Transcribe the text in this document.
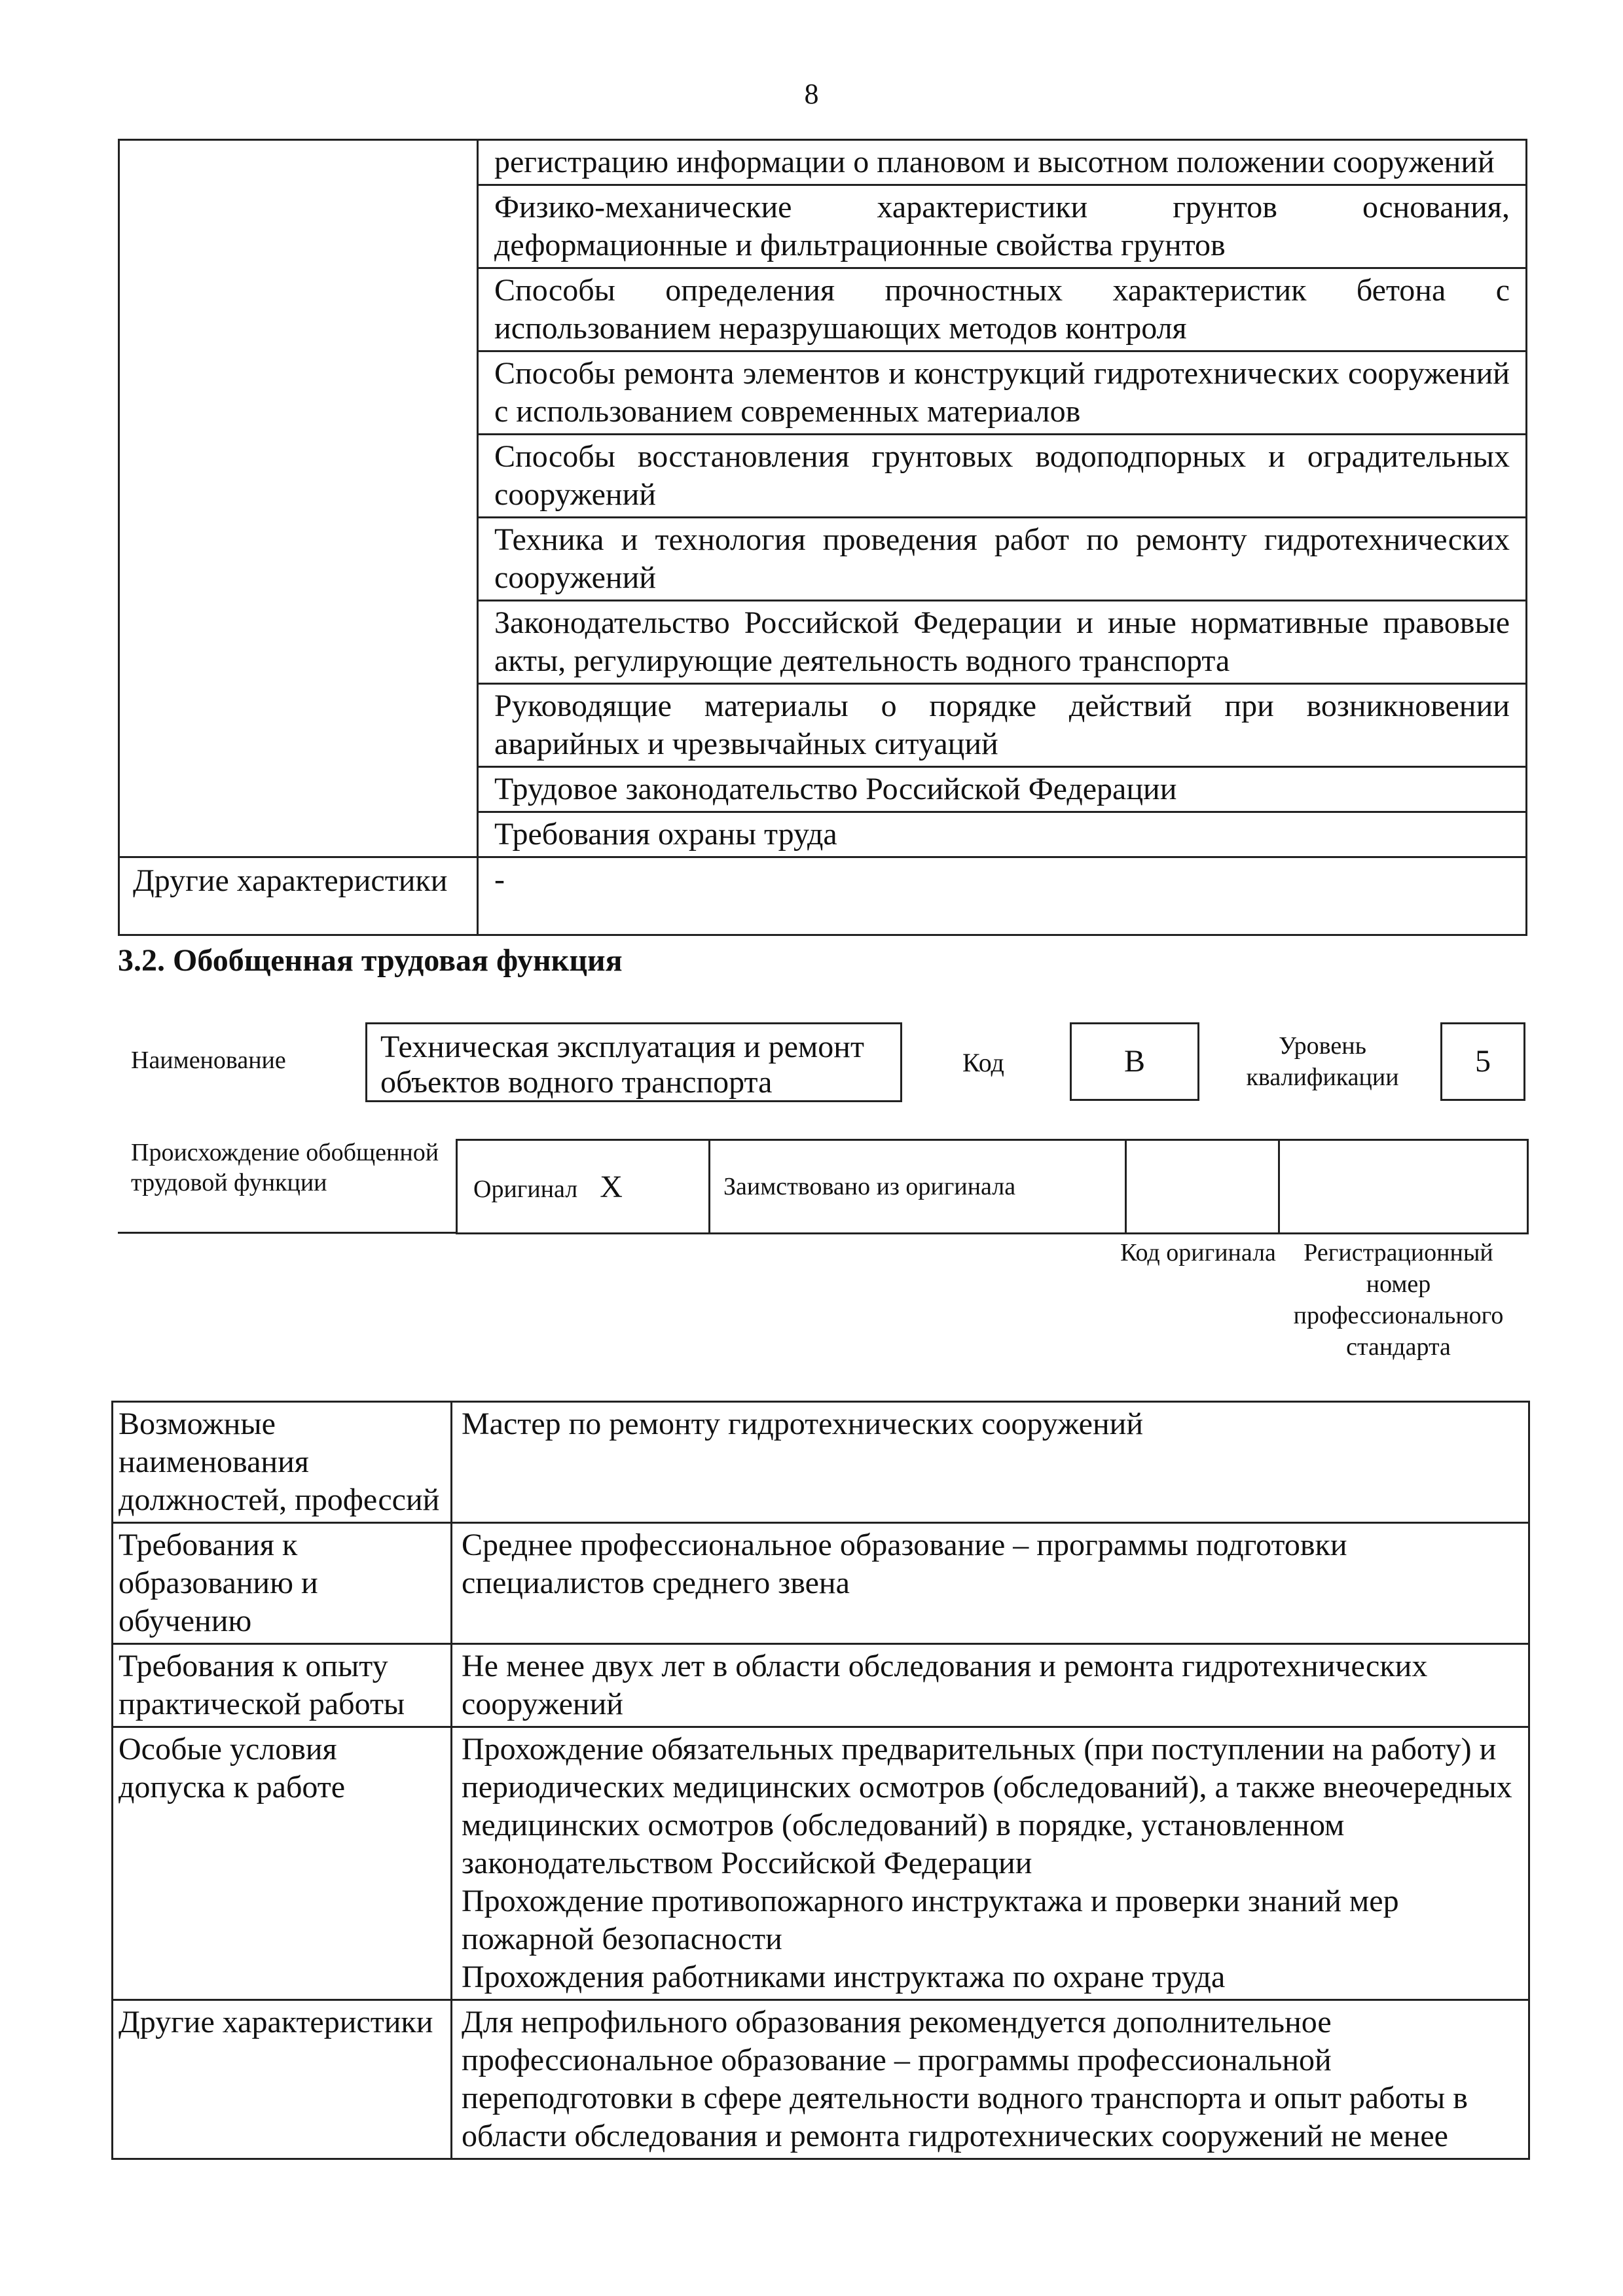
8
	регистрацию информации о плановом и высотном положении сооружений
	Физико-механические характеристики грунтов основания, деформационные и фильтрационные свойства грунтов
	Способы определения прочностных характеристик бетона с использованием неразрушающих методов контроля
	Способы ремонта элементов и конструкций гидротехнических сооружений с использованием современных материалов
	Способы восстановления грунтовых водоподпорных и оградительных сооружений
	Техника и технология проведения работ по ремонту гидротехнических сооружений
	Законодательство Российской Федерации и иные нормативные правовые акты, регулирующие деятельность водного транспорта
	Руководящие материалы о порядке действий при возникновении аварийных и чрезвычайных ситуаций
	Трудовое законодательство Российской Федерации
	Требования охраны труда
Другие характеристики	-
3.2. Обобщенная трудовая функция
Наименование	Техническая эксплуатация и ремонт объектов водного транспорта
Код	B	Уровень квалификации	5
Происхождение обобщенной трудовой функции	Оригинал X	Заимствовано из оригинала		
Код оригинала	Регистрационный номер профессионального стандарта
Возможные наименования должностей, профессий	Мастер по ремонту гидротехнических сооружений
Требования к образованию и обучению	Среднее профессиональное образование – программы подготовки специалистов среднего звена
Требования к опыту практической работы	Не менее двух лет в области обследования и ремонта гидротехнических сооружений
Особые условия допуска к работе	Прохождение обязательных предварительных (при поступлении на работу) и периодических медицинских осмотров (обследований), а также внеочередных медицинских осмотров (обследований) в порядке, установленном законодательством Российской Федерации
Прохождение противопожарного инструктажа и проверки знаний мер пожарной безопасности
Прохождения работниками инструктажа по охране труда

Другие характеристики	Для непрофильного образования рекомендуется дополнительное профессиональное образование – программы профессиональной переподготовки в сфере деятельности водного транспорта и опыт работы в области обследования и ремонта гидротехнических сооружений не менее
